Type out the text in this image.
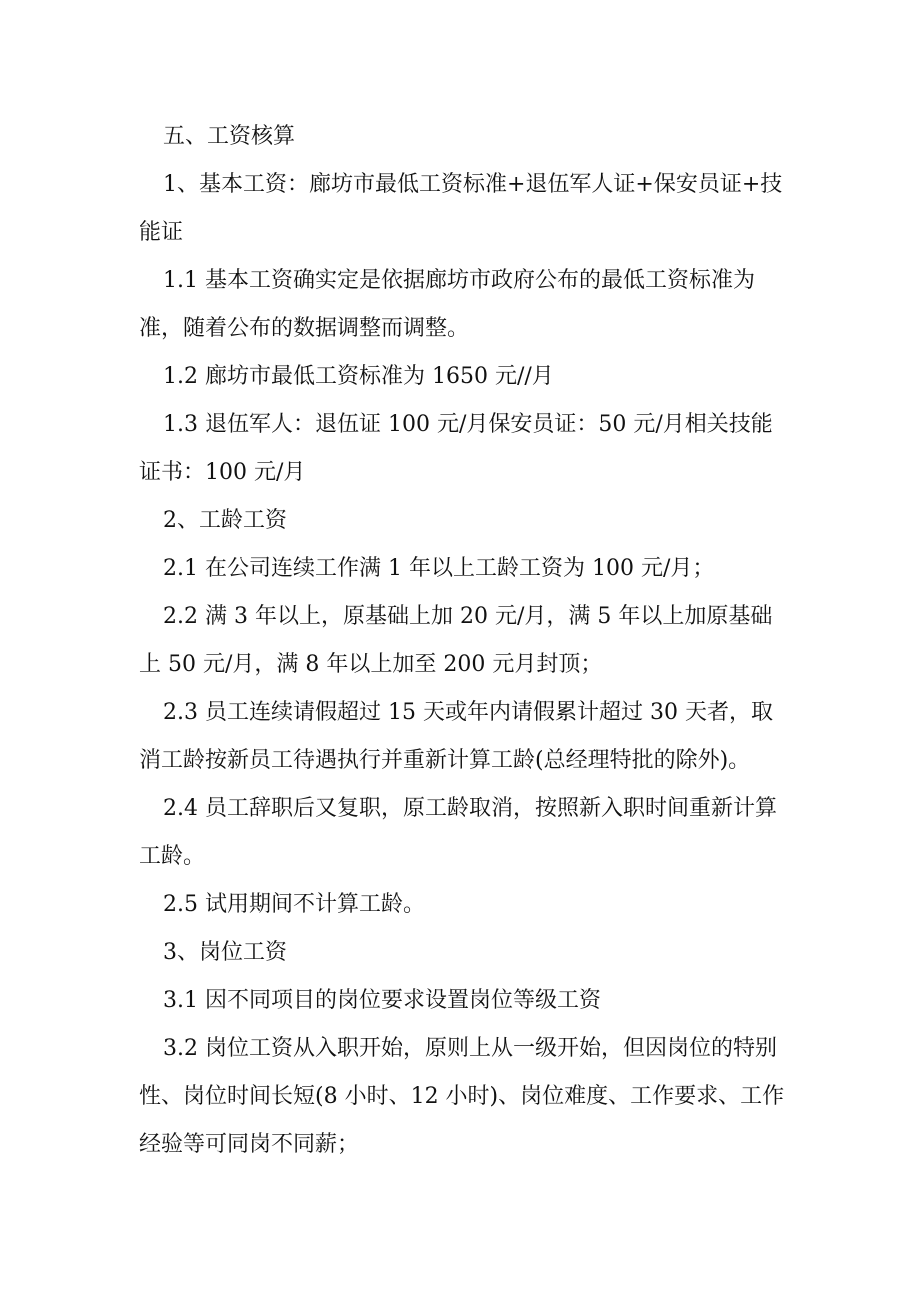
五、工资核算

1、基本工资：廊坊市最低工资标准+退伍军人证+保安员证+技能证

1.1 基本工资确实定是依据廊坊市政府公布的最低工资标准为准，随着公布的数据调整而调整。

1.2 廊坊市最低工资标准为 1650 元//月

1.3 退伍军人：退伍证 100 元/月保安员证：50 元/月相关技能证书：100 元/月

2、工龄工资

2.1 在公司连续工作满 1 年以上工龄工资为 100 元/月；

2.2 满 3 年以上，原基础上加 20 元/月，满 5 年以上加原基础上 50 元/月，满 8 年以上加至 200 元月封顶；

2.3 员工连续请假超过 15 天或年内请假累计超过 30 天者，取消工龄按新员工待遇执行并重新计算工龄(总经理特批的除外)。

2.4 员工辞职后又复职，原工龄取消，按照新入职时间重新计算工龄。

2.5 试用期间不计算工龄。

3、岗位工资

3.1 因不同项目的岗位要求设置岗位等级工资

3.2 岗位工资从入职开始，原则上从一级开始，但因岗位的特别性、岗位时间长短(8 小时、12 小时)、岗位难度、工作要求、工作经验等可同岗不同薪；
